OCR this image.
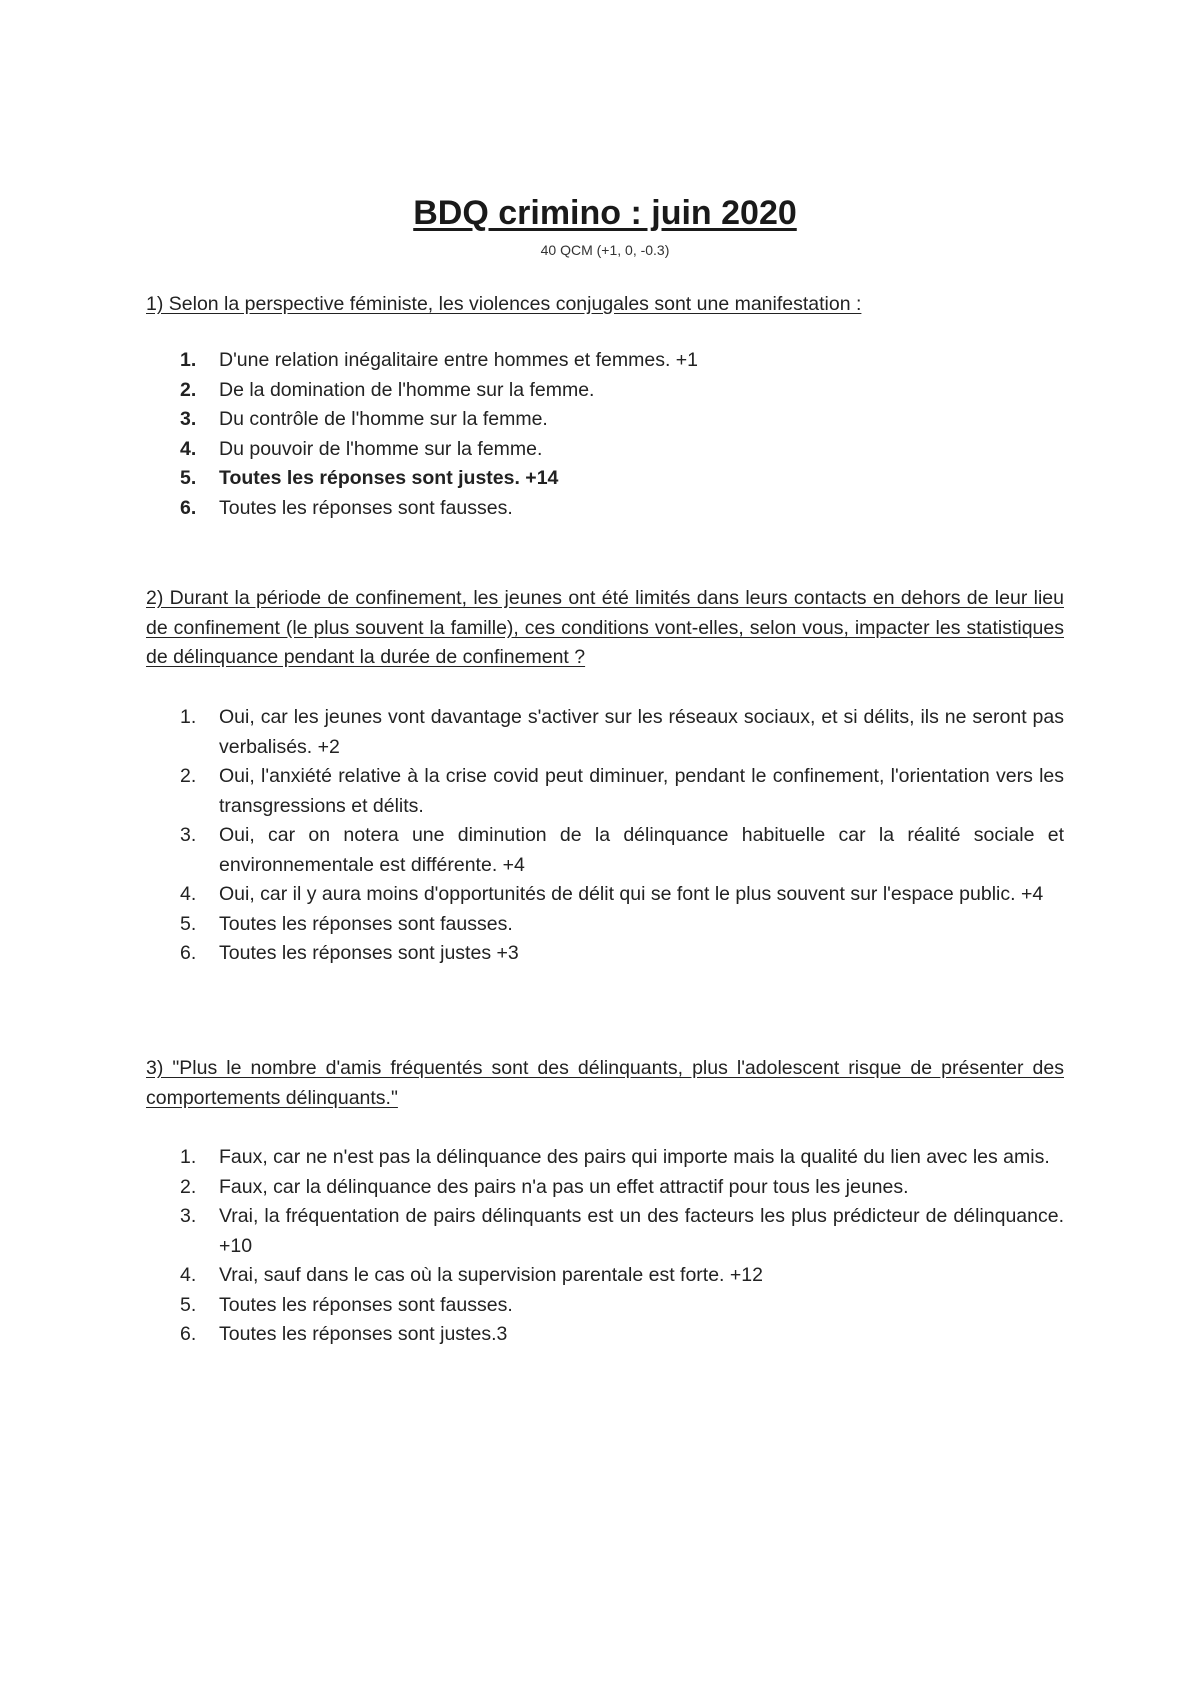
BDQ crimino : juin 2020

40 QCM (+1, 0, -0.3)

1) Selon la perspective féministe, les violences conjugales sont une manifestation :

1.	D'une relation inégalitaire entre hommes et femmes. +1
2.	De la domination de l'homme sur la femme.
3.	Du contrôle de l'homme sur la femme.
4.	Du pouvoir de l'homme sur la femme.
5.	Toutes les réponses sont justes. +14
6.	Toutes les réponses sont fausses.

2) Durant la période de confinement, les jeunes ont été limités dans leurs contacts en dehors de leur lieu de confinement (le plus souvent la famille), ces conditions vont-elles, selon vous, impacter les statistiques de délinquance pendant la durée de confinement ?

1.	Oui, car les jeunes vont davantage s'activer sur les réseaux sociaux, et si délits, ils ne seront pas verbalisés. +2
2.	Oui, l'anxiété relative à la crise covid peut diminuer, pendant le confinement, l'orientation vers les transgressions et délits.
3.	Oui, car on notera une diminution de la délinquance habituelle car la réalité sociale et environnementale est différente. +4
4.	Oui, car il y aura moins d'opportunités de délit qui se font le plus souvent sur l'espace public. +4
5.	Toutes les réponses sont fausses.
6.	Toutes les réponses sont justes +3

3) "Plus le nombre d'amis fréquentés sont des délinquants, plus l'adolescent risque de présenter des comportements délinquants."

1.	Faux, car ne n'est pas la délinquance des pairs qui importe mais la qualité du lien avec les amis.
2.	Faux, car la délinquance des pairs n'a pas un effet attractif pour tous les jeunes.
3.	Vrai, la fréquentation de pairs délinquants est un des facteurs les plus prédicteur de délinquance. +10
4.	Vrai, sauf dans le cas où la supervision parentale est forte. +12
5.	Toutes les réponses sont fausses.
6.	Toutes les réponses sont justes.3
